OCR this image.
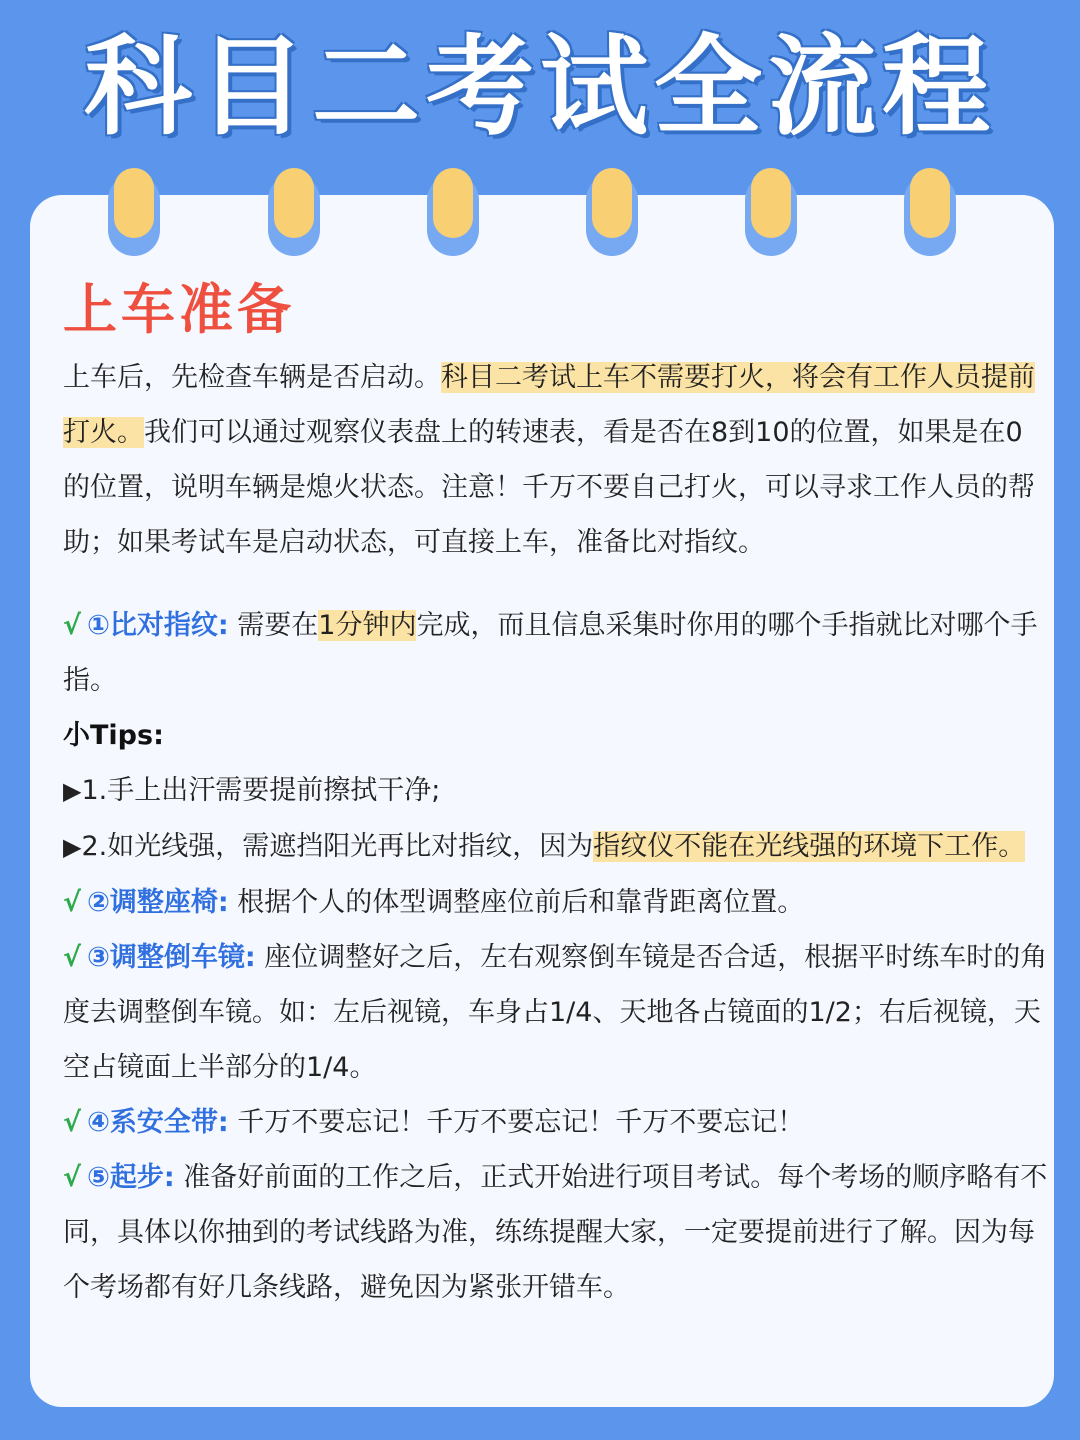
科目二考试全流程
上车准备

上车后，先检查车辆是否启动。科目二考试上车不需要打火，将会有工作人员提前打火。我们可以通过观察仪表盘上的转速表，看是否在8到10的位置，如果是在0的位置，说明车辆是熄火状态。注意！千万不要自己打火，可以寻求工作人员的帮助；如果考试车是启动状态，可直接上车，准备比对指纹。

√ ①比对指纹: 需要在1分钟内完成，而且信息采集时你用的哪个手指就比对哪个手指。

小Tips:

▶1.手上出汗需要提前擦拭干净;

▶2.如光线强，需遮挡阳光再比对指纹，因为指纹仪不能在光线强的环境下工作。

√ ②调整座椅: 根据个人的体型调整座位前后和靠背距离位置。

√ ③调整倒车镜: 座位调整好之后，左右观察倒车镜是否合适，根据平时练车时的角度去调整倒车镜。如：左后视镜，车身占1/4、天地各占镜面的1/2；右后视镜，天空占镜面上半部分的1/4。

√ ④系安全带: 千万不要忘记！千万不要忘记！千万不要忘记！

√ ⑤起步: 准备好前面的工作之后，正式开始进行项目考试。每个考场的顺序略有不同，具体以你抽到的考试线路为准，练练提醒大家，一定要提前进行了解。因为每个考场都有好几条线路，避免因为紧张开错车。
